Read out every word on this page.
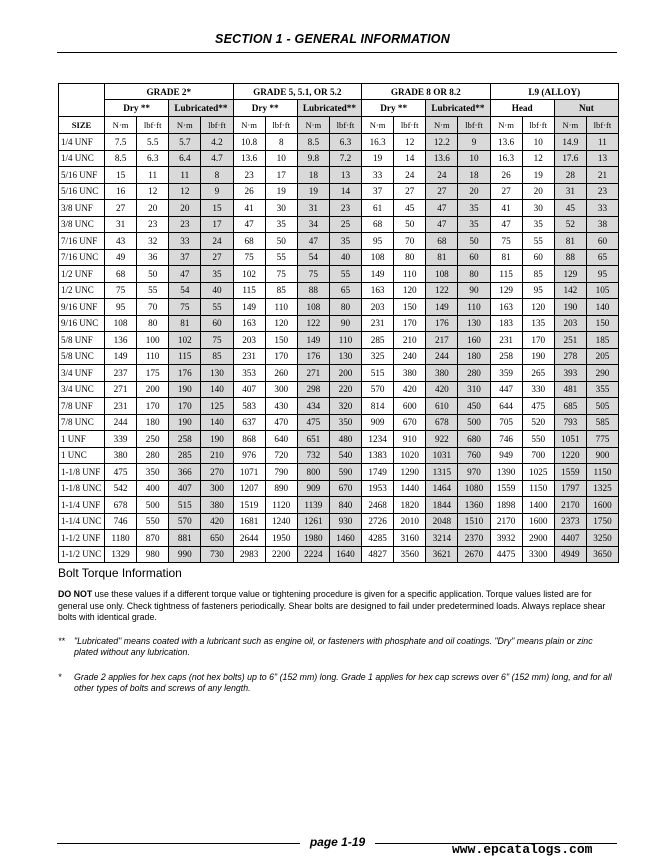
SECTION 1 - GENERAL INFORMATION
	GRADE 2*				GRADE 5, 5.1, OR 5.2				GRADE 8 OR 8.2				L9 (ALLOY)			
	Dry **		Lubricated**		Dry **		Lubricated**		Dry **		Lubricated**		Head		Nut	
SIZE	N·m	lbf·ft	N·m	lbf·ft	N·m	lbf·ft	N·m	lbf·ft	N·m	lbf·ft	N·m	lbf·ft	N·m	lbf·ft	N·m	lbf·ft
1/4 UNF	7.5	5.5	5.7	4.2	10.8	8	8.5	6.3	16.3	12	12.2	9	13.6	10	14.9	11
1/4 UNC	8.5	6.3	6.4	4.7	13.6	10	9.8	7.2	19	14	13.6	10	16.3	12	17.6	13
5/16 UNF	15	11	11	8	23	17	18	13	33	24	24	18	26	19	28	21
5/16 UNC	16	12	12	9	26	19	19	14	37	27	27	20	27	20	31	23
3/8 UNF	27	20	20	15	41	30	31	23	61	45	47	35	41	30	45	33
3/8 UNC	31	23	23	17	47	35	34	25	68	50	47	35	47	35	52	38
7/16 UNF	43	32	33	24	68	50	47	35	95	70	68	50	75	55	81	60
7/16 UNC	49	36	37	27	75	55	54	40	108	80	81	60	81	60	88	65
1/2 UNF	68	50	47	35	102	75	75	55	149	110	108	80	115	85	129	95
1/2 UNC	75	55	54	40	115	85	88	65	163	120	122	90	129	95	142	105
9/16 UNF	95	70	75	55	149	110	108	80	203	150	149	110	163	120	190	140
9/16 UNC	108	80	81	60	163	120	122	90	231	170	176	130	183	135	203	150
5/8 UNF	136	100	102	75	203	150	149	110	285	210	217	160	231	170	251	185
5/8 UNC	149	110	115	85	231	170	176	130	325	240	244	180	258	190	278	205
3/4 UNF	237	175	176	130	353	260	271	200	515	380	380	280	359	265	393	290
3/4 UNC	271	200	190	140	407	300	298	220	570	420	420	310	447	330	481	355
7/8 UNF	231	170	170	125	583	430	434	320	814	600	610	450	644	475	685	505
7/8 UNC	244	180	190	140	637	470	475	350	909	670	678	500	705	520	793	585
1 UNF	339	250	258	190	868	640	651	480	1234	910	922	680	746	550	1051	775
1 UNC	380	280	285	210	976	720	732	540	1383	1020	1031	760	949	700	1220	900
1-1/8 UNF	475	350	366	270	1071	790	800	590	1749	1290	1315	970	1390	1025	1559	1150
1-1/8 UNC	542	400	407	300	1207	890	909	670	1953	1440	1464	1080	1559	1150	1797	1325
1-1/4 UNF	678	500	515	380	1519	1120	1139	840	2468	1820	1844	1360	1898	1400	2170	1600
1-1/4 UNC	746	550	570	420	1681	1240	1261	930	2726	2010	2048	1510	2170	1600	2373	1750
1-1/2 UNF	1180	870	881	650	2644	1950	1980	1460	4285	3160	3214	2370	3932	2900	4407	3250
1-1/2 UNC	1329	980	990	730	2983	2200	2224	1640	4827	3560	3621	2670	4475	3300	4949	3650
Bolt Torque Information

DO NOT use these values if a different torque value or tightening procedure is given for a specific application. Torque values listed are for general use only. Check tightness of fasteners periodically. Shear bolts are designed to fail under predetermined loads. Always replace shear bolts with identical grade.

**	"Lubricated" means coated with a lubricant such as engine oil, or fasteners with phosphate and oil coatings. "Dry" means plain or zinc plated without any lubrication.
*	Grade 2 applies for hex caps (not hex bolts) up to 6" (152 mm) long. Grade 1 applies for hex cap screws over 6" (152 mm) long, and for all other types of bolts and screws of any length.
page 1-19	www.epcatalogs.com
